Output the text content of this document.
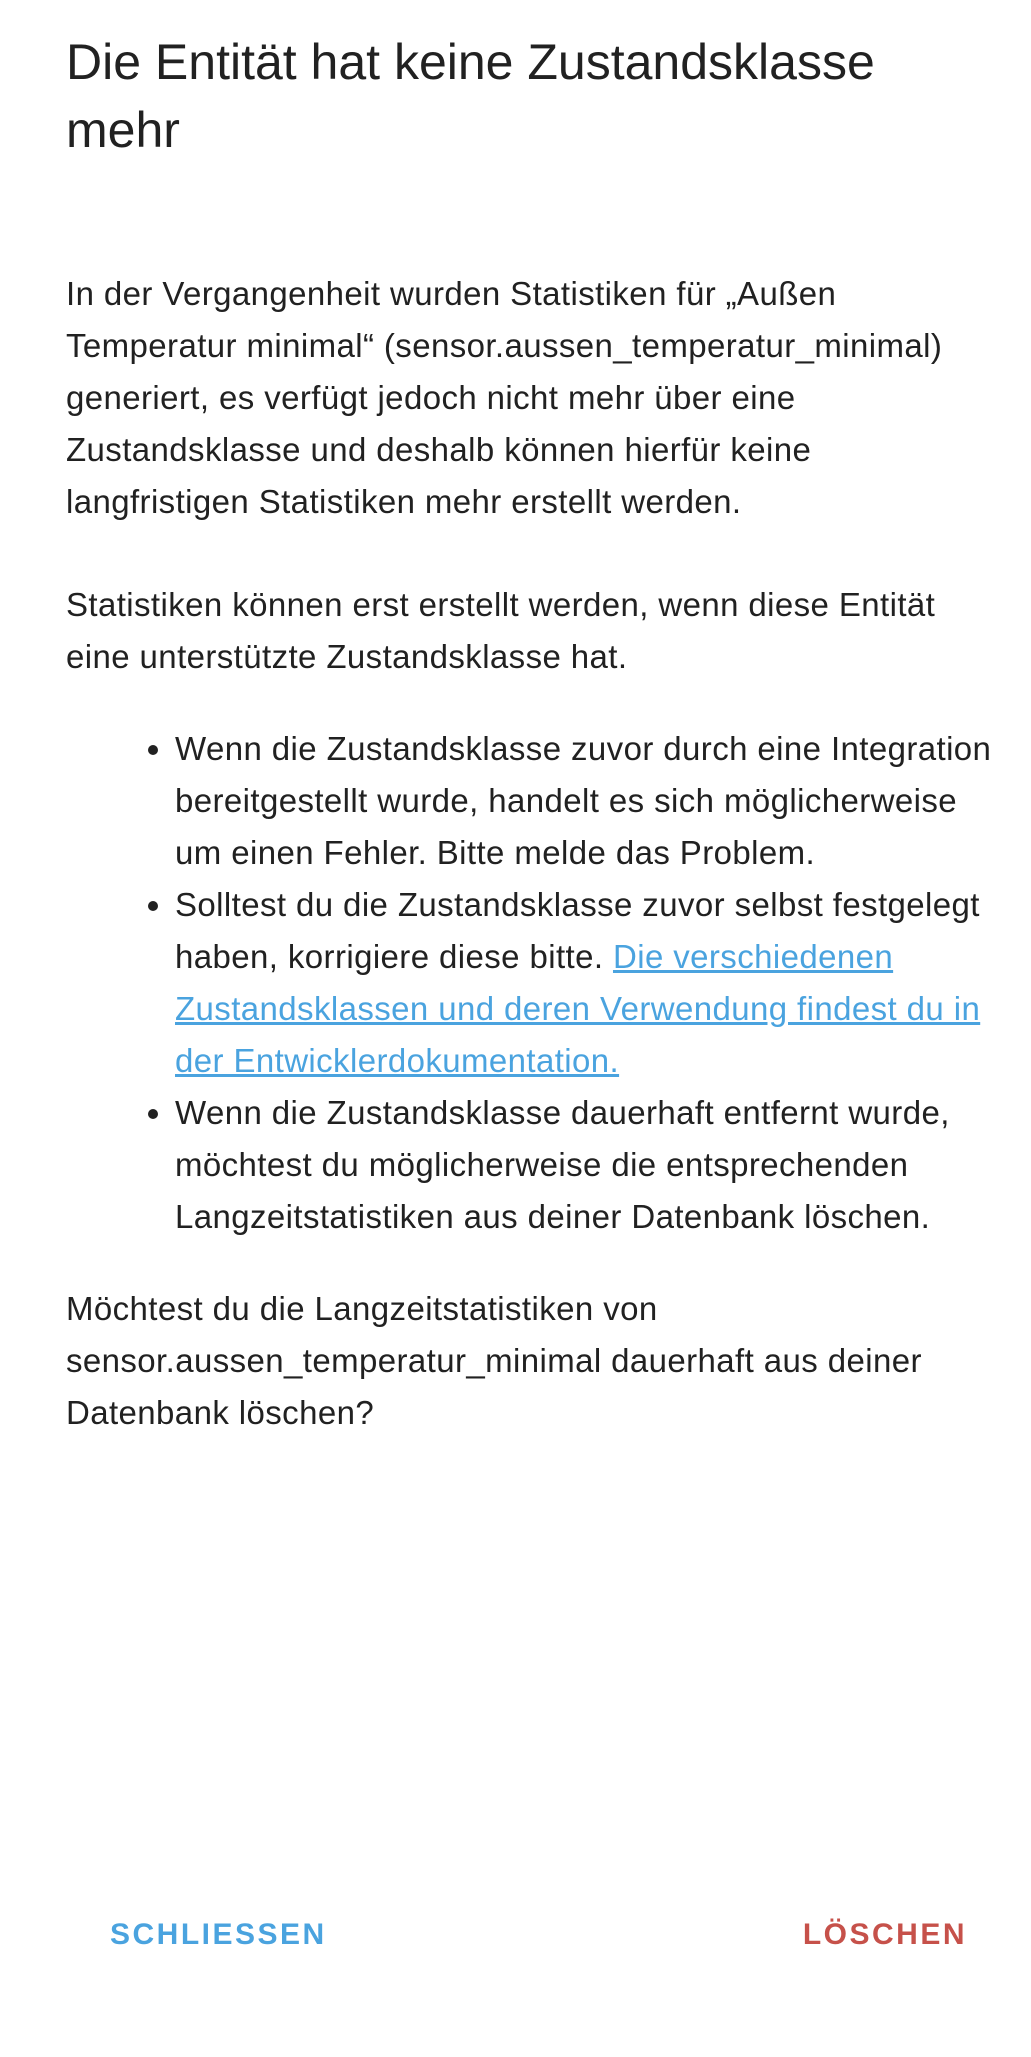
Die Entität hat keine Zustandsklasse mehr

In der Vergangenheit wurden Statistiken für „Außen Temperatur minimal“ (sensor.aussen_temperatur_minimal) generiert, es verfügt jedoch nicht mehr über eine Zustandsklasse und deshalb können hierfür keine langfristigen Statistiken mehr erstellt werden.

Statistiken können erst erstellt werden, wenn diese Entität eine unterstützte Zustandsklasse hat.

• Wenn die Zustandsklasse zuvor durch eine Integration bereitgestellt wurde, handelt es sich möglicherweise um einen Fehler. Bitte melde das Problem.
• Solltest du die Zustandsklasse zuvor selbst festgelegt haben, korrigiere diese bitte. Die verschiedenen Zustandsklassen und deren Verwendung findest du in der Entwicklerdokumentation.
• Wenn die Zustandsklasse dauerhaft entfernt wurde, möchtest du möglicherweise die entsprechenden Langzeitstatistiken aus deiner Datenbank löschen.

Möchtest du die Langzeitstatistiken von sensor.aussen_temperatur_minimal dauerhaft aus deiner Datenbank löschen?

SCHLIESSEN	LÖSCHEN
